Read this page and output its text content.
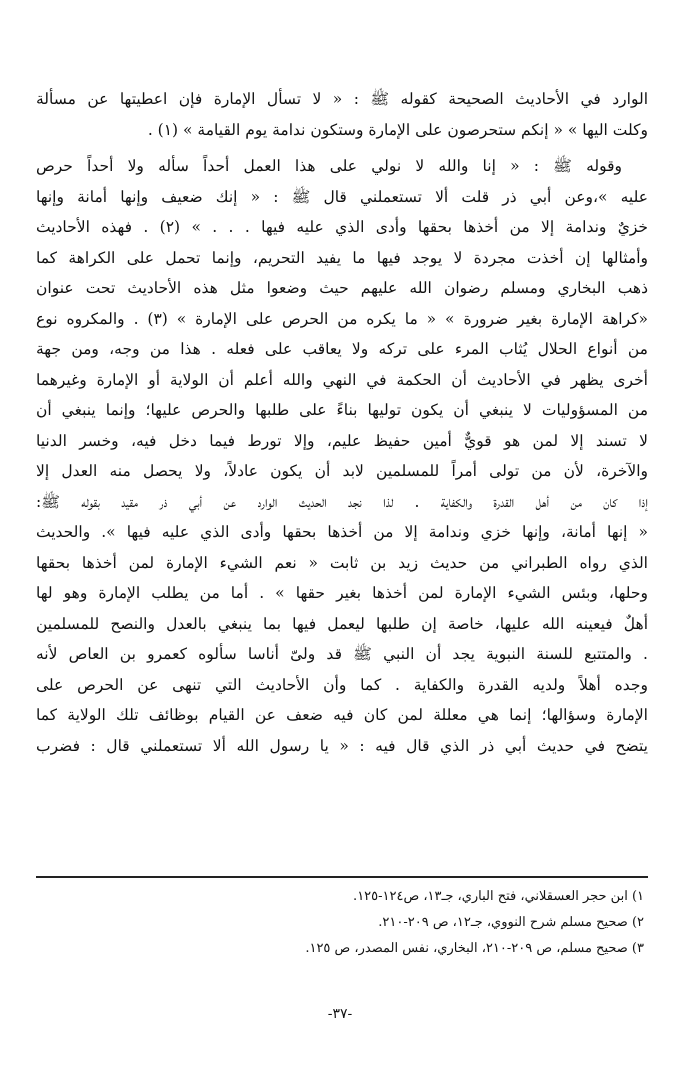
الوارد في الأحاديث الصحيحة كقوله ﷺ : « لا تسأل الإمارة فإن اعطيتها عن مسألة
وكلت اليها » « إنكم ستحرصون على الإمارة وستكون ندامة يوم القيامة » (١) .
وقوله ﷺ : « إنا والله لا نولي على هذا العمل أحداً سأله ولا أحداً حرص
عليه »،وعن أبي ذر قلت ألا تستعملني قال ﷺ : « إنك ضعيف وإنها أمانة وإنها
خزيٌ وندامة إلا من أخذها بحقها وأدى الذي عليه فيها . . . » (٢) . فهذه الأحاديث
وأمثالها إن أخذت مجردة لا يوجد فيها ما يفيد التحريم، وإنما تحمل على الكراهة كما
ذهب البخاري ومسلم رضوان الله عليهم حيث وضعوا مثل هذه الأحاديث تحت عنوان
«كراهة الإمارة بغير ضرورة » « ما يكره من الحرص على الإمارة » (٣) . والمكروه نوع
من أنواع الحلال يُثاب المرء على تركه ولا يعاقب على فعله . هذا من وجه، ومن جهة
أخرى يظهر في الأحاديث أن الحكمة في النهي والله أعلم أن الولاية أو الإمارة وغيرهما
من المسؤوليات لا ينبغي أن يكون توليها بناءً على طلبها والحرص عليها؛ وإنما ينبغي أن
لا تسند إلا لمن هو قويٌّ أمين حفيظ عليم، وإلا تورط فيما دخل فيه، وخسر الدنيا
والآخرة، لأن من تولى أمراً للمسلمين لابد أن يكون عادلاً، ولا يحصل منه العدل إلا
إذا كان من أهل القدرة والكفاية . لذا نجد الحديث الوارد عن أبي ذر مقيد بقوله ﷺ:
« إنها أمانة، وإنها خزي وندامة إلا من أخذها بحقها وأدى الذي عليه فيها ». والحديث
الذي رواه الطبراني من حديث زيد بن ثابت « نعم الشيء الإمارة لمن أخذها بحقها
وحلها، وبئس الشيء الإمارة لمن أخذها بغير حقها » . أما من يطلب الإمارة وهو لها
أهلٌ فيعينه الله عليها، خاصة إن طلبها ليعمل فيها بما ينبغي بالعدل والنصح للمسلمين
. والمتتبع للسنة النبوية يجد أن النبي ﷺ قد ولىّ أناسا سألوه كعمرو بن العاص لأنه
وجده أهلاً ولديه القدرة والكفاية . كما وأن الأحاديث التي تنهى عن الحرص على
الإمارة وسؤالها؛ إنما هي معللة لمن كان فيه ضعف عن القيام بوظائف تلك الولاية كما
يتضح في حديث أبي ذر الذي قال فيه : « يا رسول الله ألا تستعملني قال : فضرب
١) ابن حجر العسقلاني، فتح الباري، جـ١٣، ص١٢٤-١٢٥.
٢) صحيح مسلم شرح النووي، جـ١٢، ص ٢٠٩-٢١٠.
٣) صحيح مسلم، ص ٢٠٩-٢١٠، البخاري، نفس المصدر، ص ١٢٥.
-٣٧-
